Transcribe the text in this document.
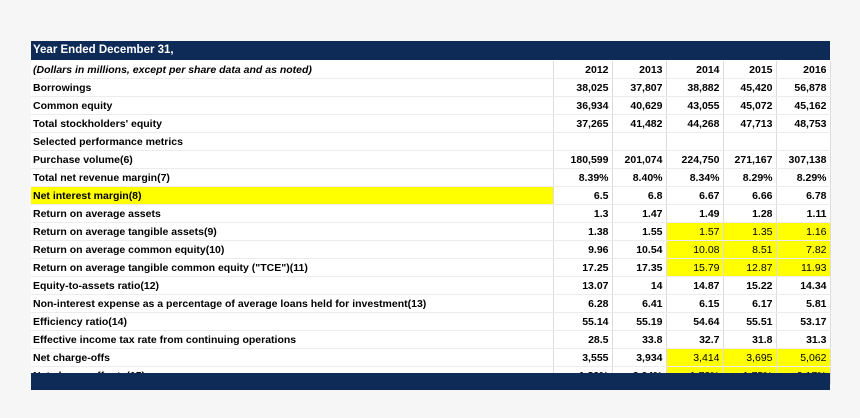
Year Ended December 31,
(Dollars in millions, except per share data and as noted)	2012	2013	2014	2015	2016
Borrowings	38,025	37,807	38,882	45,420	56,878
Common equity	36,934	40,629	43,055	45,072	45,162
Total stockholders' equity	37,265	41,482	44,268	47,713	48,753
Selected performance metrics					
Purchase volume(6)	180,599	201,074	224,750	271,167	307,138
Total net revenue margin(7)	8.39%	8.40%	8.34%	8.29%	8.29%
Net interest margin(8)	6.5	6.8	6.67	6.66	6.78
Return on average assets	1.3	1.47	1.49	1.28	1.11
Return on average tangible assets(9)	1.38	1.55	1.57	1.35	1.16
Return on average common equity(10)	9.96	10.54	10.08	8.51	7.82
Return on average tangible common equity ("TCE")(11)	17.25	17.35	15.79	12.87	11.93
Equity-to-assets ratio(12)	13.07	14	14.87	15.22	14.34
Non-interest expense as a percentage of average loans held for investment(13)	6.28	6.41	6.15	6.17	5.81
Efficiency ratio(14)	55.14	55.19	54.64	55.51	53.17
Effective income tax rate from continuing operations	28.5	33.8	32.7	31.8	31.3
Net charge-offs	3,555	3,934	3,414	3,695	5,062
